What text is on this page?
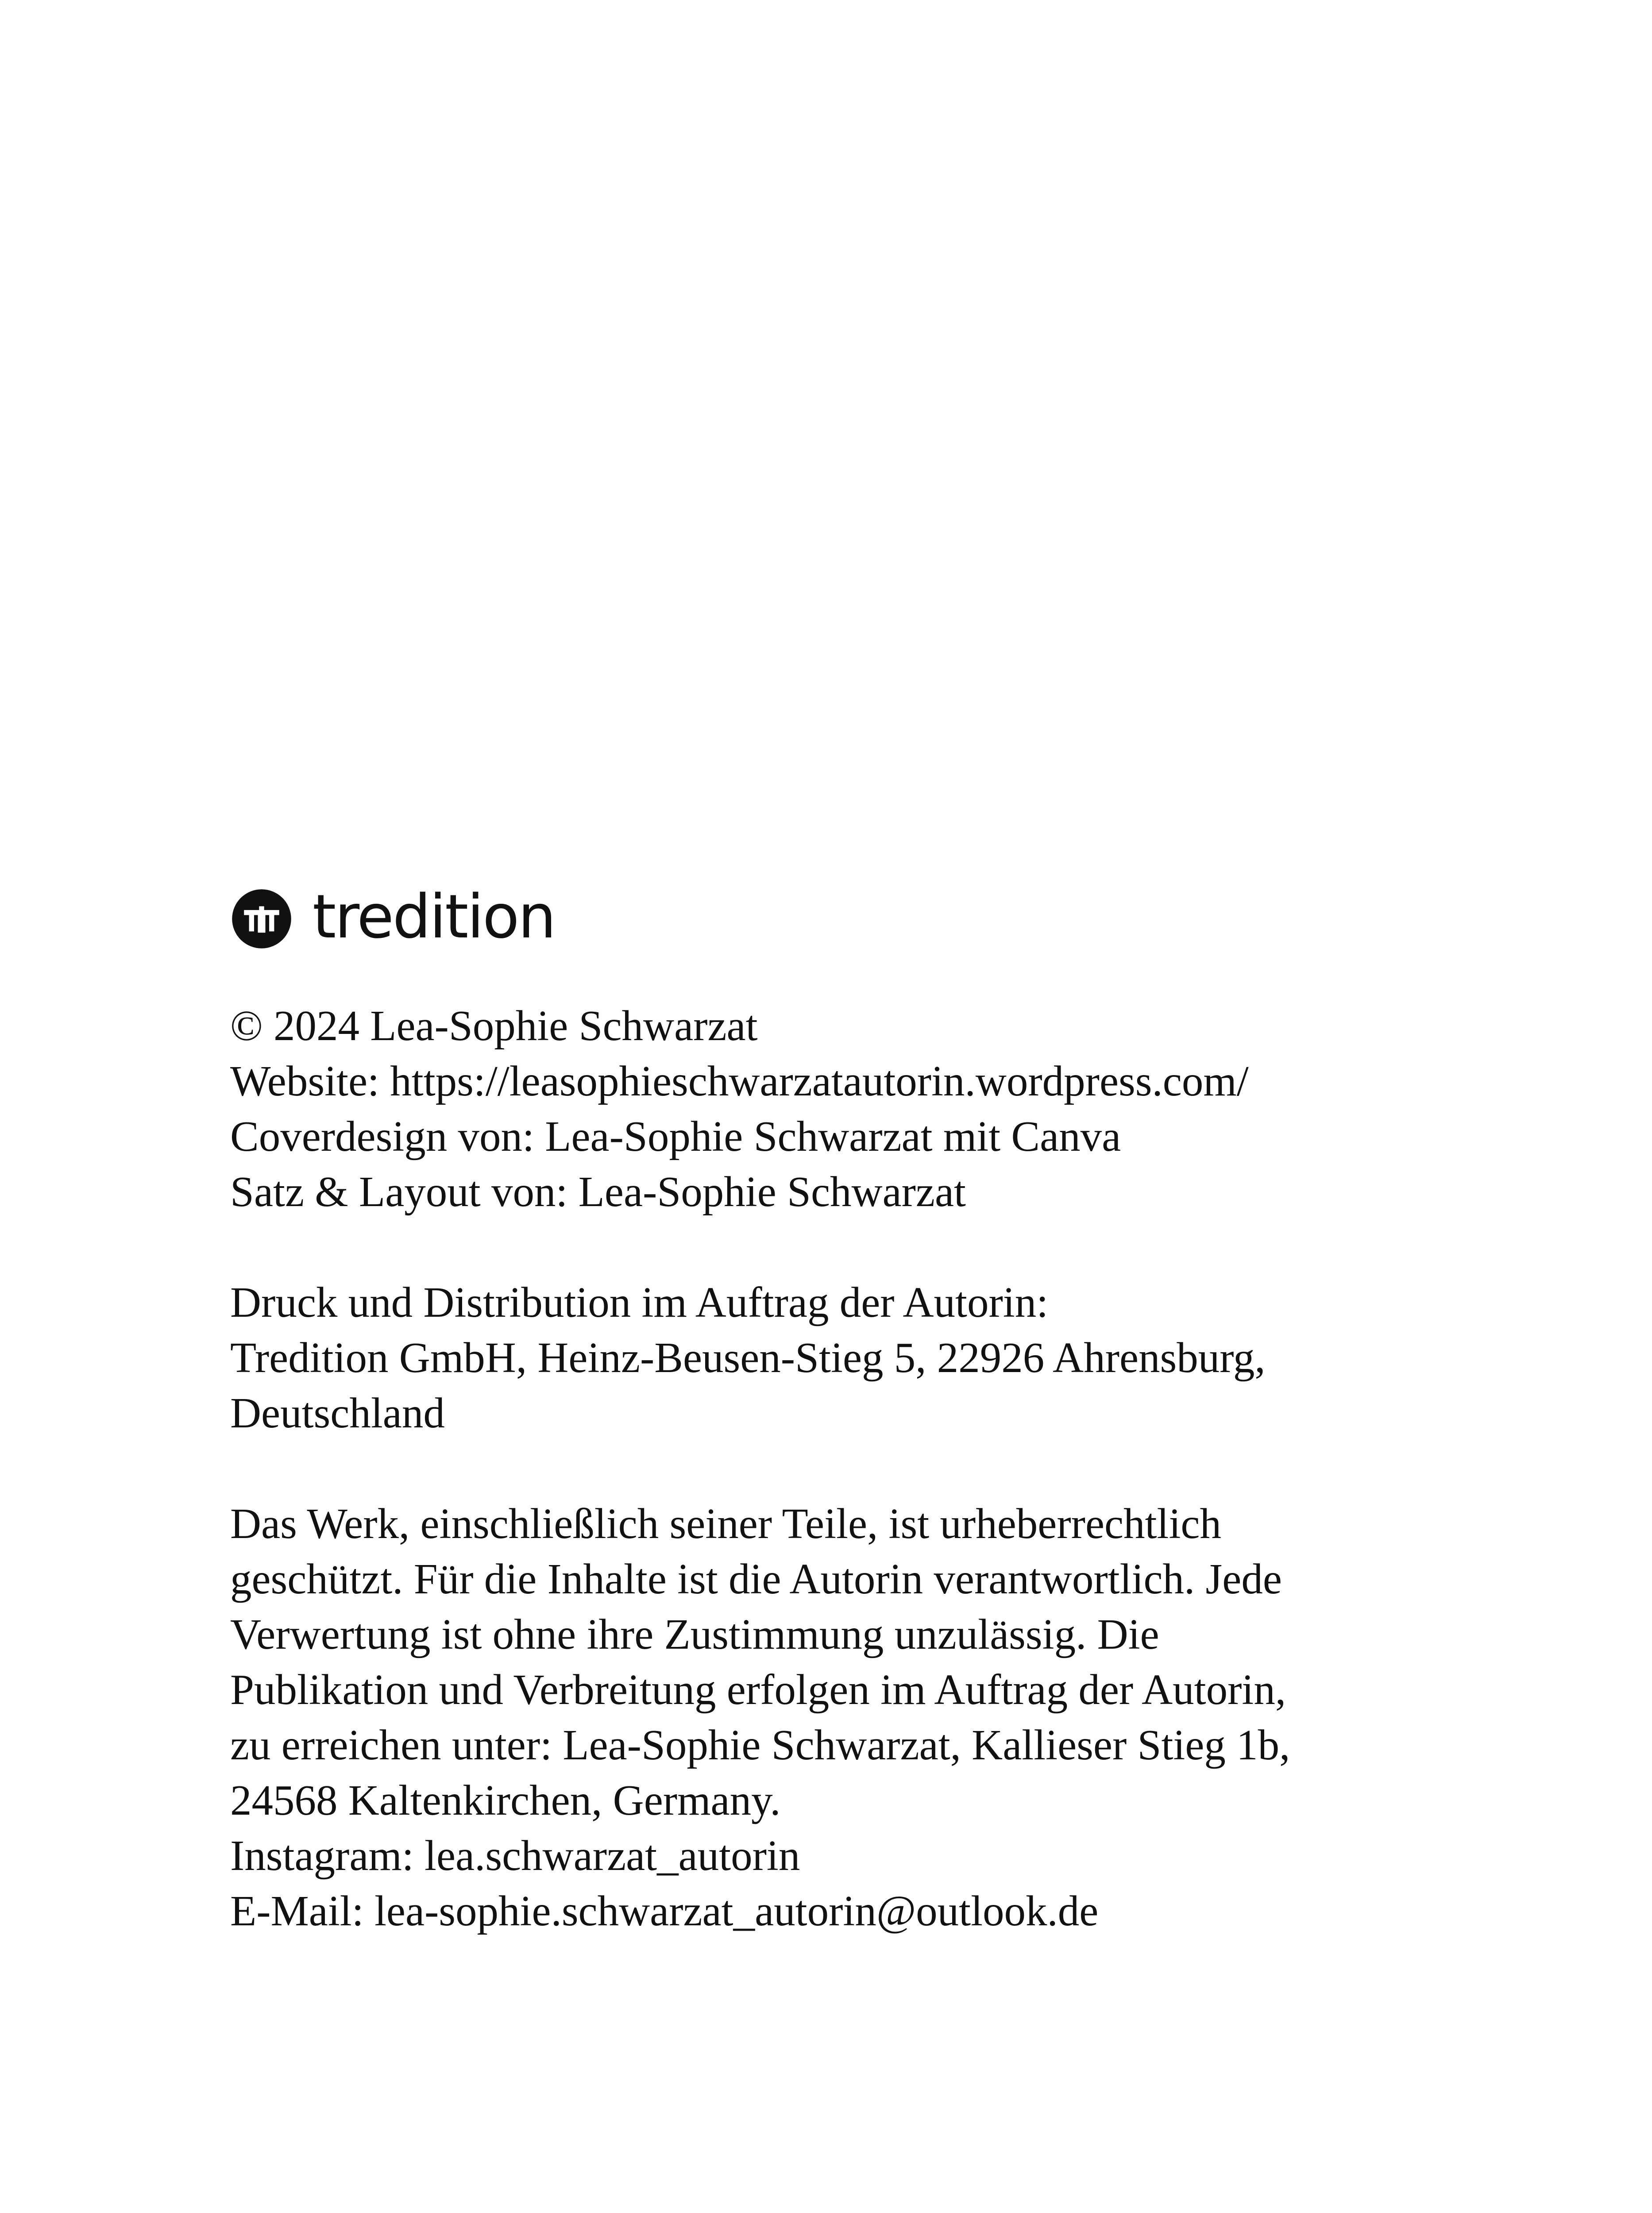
tredition
© 2024 Lea-Sophie Schwarzat
Website: https://leasophieschwarzatautorin.wordpress.com/
Coverdesign von: Lea-Sophie Schwarzat mit Canva
Satz & Layout von: Lea-Sophie Schwarzat
Druck und Distribution im Auftrag der Autorin:
Tredition GmbH, Heinz-Beusen-Stieg 5, 22926 Ahrensburg,
Deutschland
Das Werk, einschließlich seiner Teile, ist urheberrechtlich
geschützt. Für die Inhalte ist die Autorin verantwortlich. Jede
Verwertung ist ohne ihre Zustimmung unzulässig. Die
Publikation und Verbreitung erfolgen im Auftrag der Autorin,
zu erreichen unter: Lea-Sophie Schwarzat, Kallieser Stieg 1b,
24568 Kaltenkirchen, Germany.
Instagram: lea.schwarzat_autorin
E-Mail: lea-sophie.schwarzat_autorin@outlook.de
